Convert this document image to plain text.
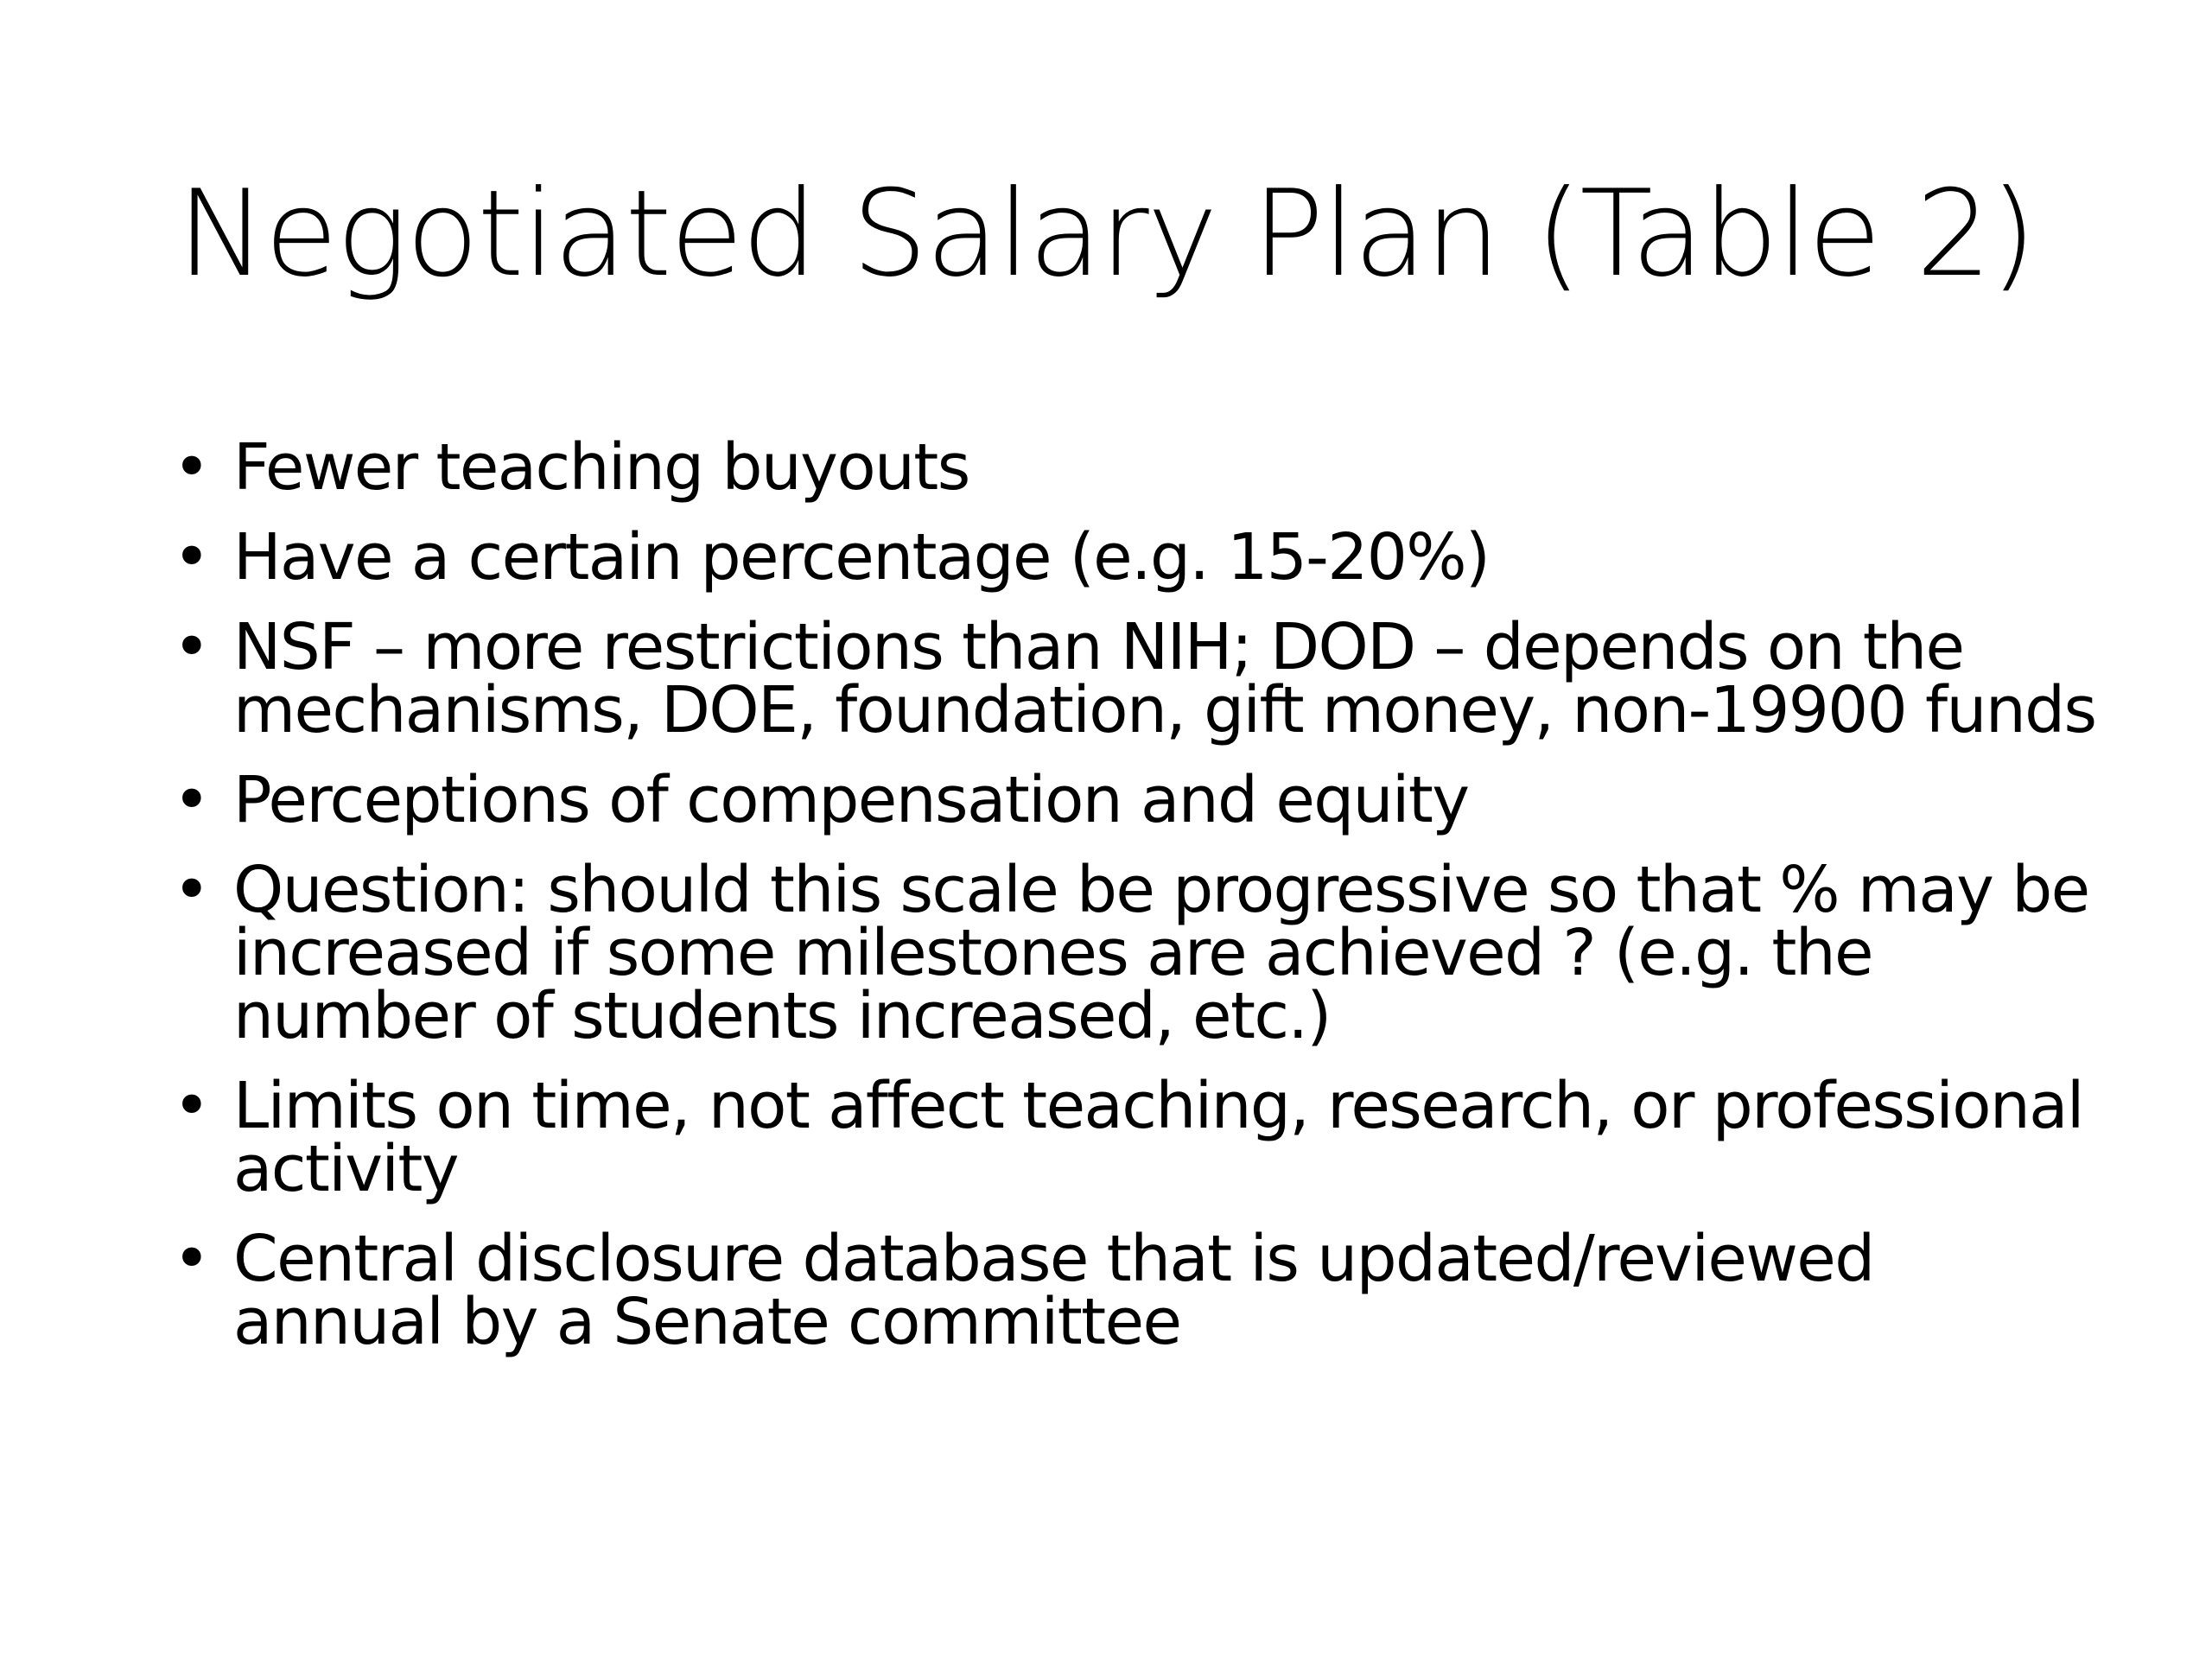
Negotiated Salary Plan (Table 2)
• Fewer teaching buyouts
• Have a certain percentage (e.g. 15-20%)
• NSF – more restrictions than NIH; DOD – depends on the
mechanisms, DOE, foundation, gift money, non-19900 funds
• Perceptions of compensation and equity
• Question: should this scale be progressive so that % may be
increased if some milestones are achieved ? (e.g. the
number of students increased, etc.)
• Limits on time, not affect teaching, research, or professional
activity
• Central disclosure database that is updated/reviewed
annual by a Senate committee
